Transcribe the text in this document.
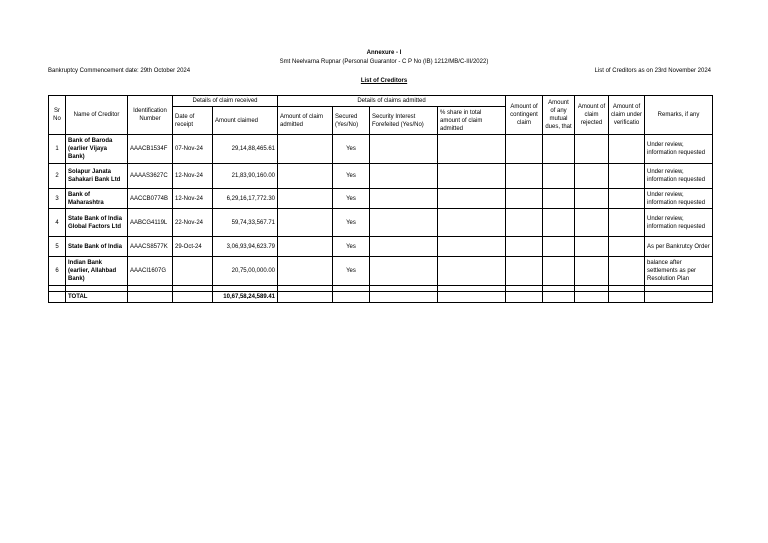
Annexure - I
Smt Neelvarna Rupnar (Personal Guarantor - C P No (IB) 1212/MB/C-III/2022)
Bankruptcy Commencement date: 29th October 2024	List of Creditors as on 23rd November 2024
List of Creditors
Sr No	Name of Creditor	Identification Number	Details of claim received		Details of claims admitted				Amount of contingent claim	Amount of any mutual dues, that	Amount of claim rejected	Amount of claim under verificatio	Remarks, if any
			Date of receipt	Amount claimed	Amount of claim admitted	Secured (Yes/No)	Security Interest Forefeited (Yes/No)	% share in total amount of claim admitted					
1	Bank of Baroda (earlier Vijaya Bank)	AAACB1534F	07-Nov-24	29,14,88,465.61		Yes							Under review, information requested
2	Solapur Janata Sahakari Bank Ltd	AAAAS3627C	12-Nov-24	21,83,90,160.00		Yes							Under review, information requested
3	Bank of Maharashtra	AACCB0774B	12-Nov-24	6,29,16,17,772.30		Yes							Under review, information requested
4	State Bank of India Global Factors Ltd	AABCG4119L	22-Nov-24	59,74,33,567.71		Yes							Under review, information requested
5	State Bank of India	AAACS8577K	29-Oct-24	3,06,93,94,623.79		Yes							As per Bankrutcy Order
6	Indian Bank (earlier, Allahbad Bank)	AAACI1607G		20,75,00,000.00		Yes							balance after settlements as per Resolution Plan

	TOTAL			10,67,58,24,589.41									
